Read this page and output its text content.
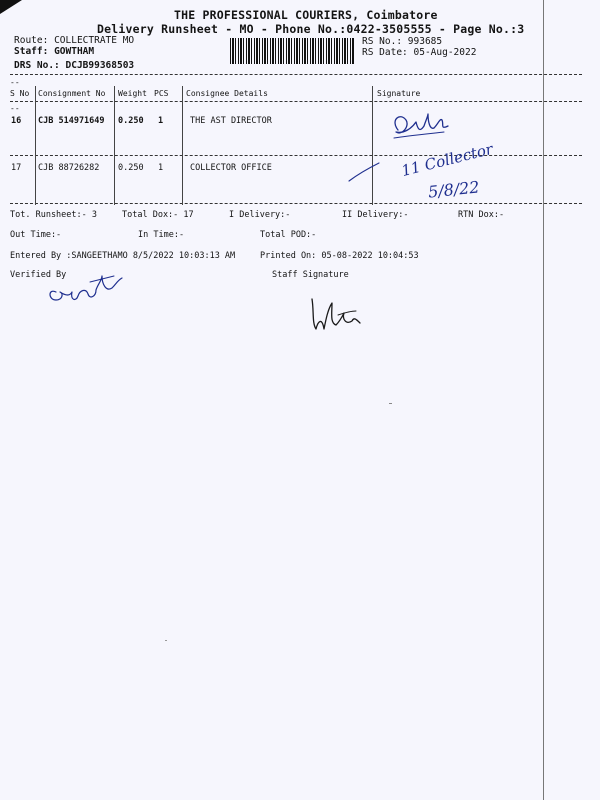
THE PROFESSIONAL COURIERS, Coimbatore
Delivery Runsheet - MO - Phone No.:0422-3505555 - Page No.:3
Route: COLLECTRATE MO
Staff: GOWTHAM
DRS No.: DCJB99368503
RS No.: 993685
RS Date: 05-Aug-2022
--
--
S No Consignment No Weight PCS Consignee Details	Signature
16 CJB 514971649 0.250 1	THE AST DIRECTOR
17 CJB 88726282 0.250 1	COLLECTOR OFFICE	11 Collector
5/8/22
Tot. Runsheet:- 3	Total Dox:- 17	I Delivery:-	II Delivery:-	RTN Dox:-
Out Time:-	In Time:-	Total POD:-
Entered By :SANGEETHAMO 8/5/2022 10:03:13 AM	Printed On: 05-08-2022 10:04:53
Verified By	Staff Signature
